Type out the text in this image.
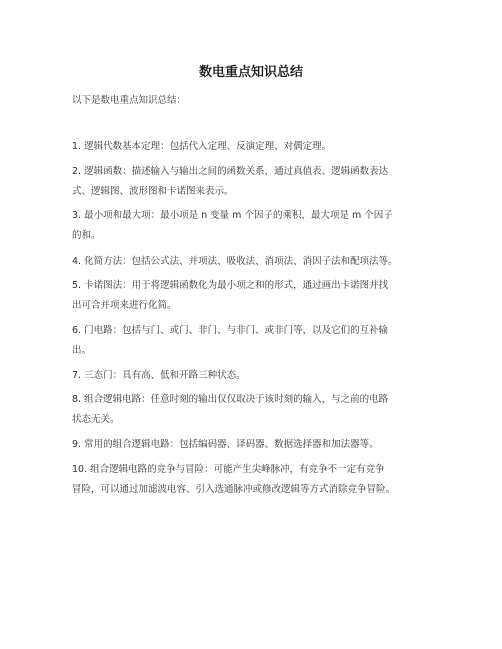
数电重点知识总结

以下是数电重点知识总结：

1. 逻辑代数基本定理：包括代入定理、反演定理、对偶定理。

2. 逻辑函数：描述输入与输出之间的函数关系，通过真值表、逻辑函数表达
式、逻辑图、波形图和卡诺图来表示。

3. 最小项和最大项：最小项是 n 变量 m 个因子的乘积，最大项是 m 个因子
的和。

4. 化简方法：包括公式法、并项法、吸收法、消项法、消因子法和配项法等。

5. 卡诺图法：用于将逻辑函数化为最小项之和的形式，通过画出卡诺图并找
出可合并项来进行化简。

6. 门电路：包括与门、或门、非门、与非门、或非门等，以及它们的互补输
出。

7. 三态门：具有高、低和开路三种状态。

8. 组合逻辑电路：任意时刻的输出仅仅取决于该时刻的输入，与之前的电路
状态无关。

9. 常用的组合逻辑电路：包括编码器、译码器、数据选择器和加法器等。

10. 组合逻辑电路的竞争与冒险：可能产生尖峰脉冲，有竞争不一定有竞争
冒险，可以通过加滤波电容、引入选通脉冲或修改逻辑等方式消除竞争冒险。
